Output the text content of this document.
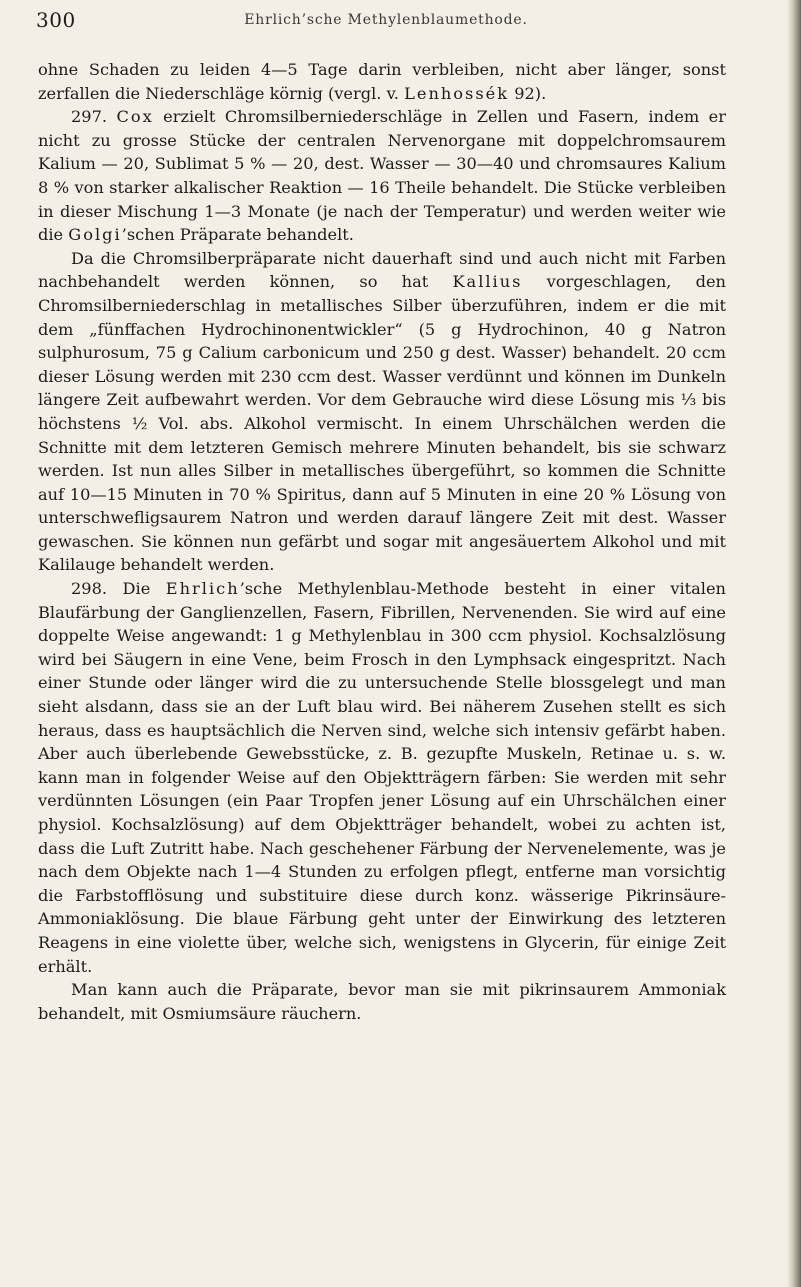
300	Ehrlich’sche Methylenblaumethode.

ohne Schaden zu leiden 4—5 Tage darin verbleiben, nicht aber länger, sonst zerfallen die Niederschläge körnig (vergl. v. Lenhossék 92).

297. Cox erzielt Chromsilberniederschläge in Zellen und Fasern, indem er nicht zu grosse Stücke der centralen Nervenorgane mit doppelchromsaurem Kalium — 20, Sublimat 5 % — 20, dest. Wasser — 30—40 und chromsaures Kalium 8 % von starker alkalischer Reaktion — 16 Theile behandelt. Die Stücke verbleiben in dieser Mischung 1—3 Monate (je nach der Temperatur) und werden weiter wie die Golgi’schen Präparate behandelt.

Da die Chromsilberpräparate nicht dauerhaft sind und auch nicht mit Farben nachbehandelt werden können, so hat Kallius vorgeschlagen, den Chromsilberniederschlag in metallisches Silber überzuführen, indem er die mit dem „fünffachen Hydrochinonentwickler“ (5 g Hydrochinon, 40 g Natron sulphurosum, 75 g Calium carbonicum und 250 g dest. Wasser) behandelt. 20 ccm dieser Lösung werden mit 230 ccm dest. Wasser verdünnt und können im Dunkeln längere Zeit aufbewahrt werden. Vor dem Gebrauche wird diese Lösung mis ⅓ bis höchstens ½ Vol. abs. Alkohol vermischt. In einem Uhrschälchen werden die Schnitte mit dem letzteren Gemisch mehrere Minuten behandelt, bis sie schwarz werden. Ist nun alles Silber in metallisches übergeführt, so kommen die Schnitte auf 10—15 Minuten in 70 % Spiritus, dann auf 5 Minuten in eine 20 % Lösung von unterschwefligsaurem Natron und werden darauf längere Zeit mit dest. Wasser gewaschen. Sie können nun gefärbt und sogar mit angesäuertem Alkohol und mit Kalilauge behandelt werden.

298. Die Ehrlich’sche Methylenblau-Methode besteht in einer vitalen Blaufärbung der Ganglienzellen, Fasern, Fibrillen, Nervenenden. Sie wird auf eine doppelte Weise angewandt: 1 g Methylenblau in 300 ccm physiol. Kochsalzlösung wird bei Säugern in eine Vene, beim Frosch in den Lymphsack eingespritzt. Nach einer Stunde oder länger wird die zu untersuchende Stelle blossgelegt und man sieht alsdann, dass sie an der Luft blau wird. Bei näherem Zusehen stellt es sich heraus, dass es hauptsächlich die Nerven sind, welche sich intensiv gefärbt haben. Aber auch überlebende Gewebsstücke, z. B. gezupfte Muskeln, Retinae u. s. w. kann man in folgender Weise auf den Objektträgern färben: Sie werden mit sehr verdünnten Lösungen (ein Paar Tropfen jener Lösung auf ein Uhrschälchen einer physiol. Kochsalzlösung) auf dem Objektträger behandelt, wobei zu achten ist, dass die Luft Zutritt habe. Nach geschehener Färbung der Nervenelemente, was je nach dem Objekte nach 1—4 Stunden zu erfolgen pflegt, entferne man vorsichtig die Farbstofflösung und substituire diese durch konz. wässerige Pikrinsäure-Ammoniaklösung. Die blaue Färbung geht unter der Einwirkung des letzteren Reagens in eine violette über, welche sich, wenigstens in Glycerin, für einige Zeit erhält.

Man kann auch die Präparate, bevor man sie mit pikrinsaurem Ammoniak behandelt, mit Osmiumsäure räuchern.
